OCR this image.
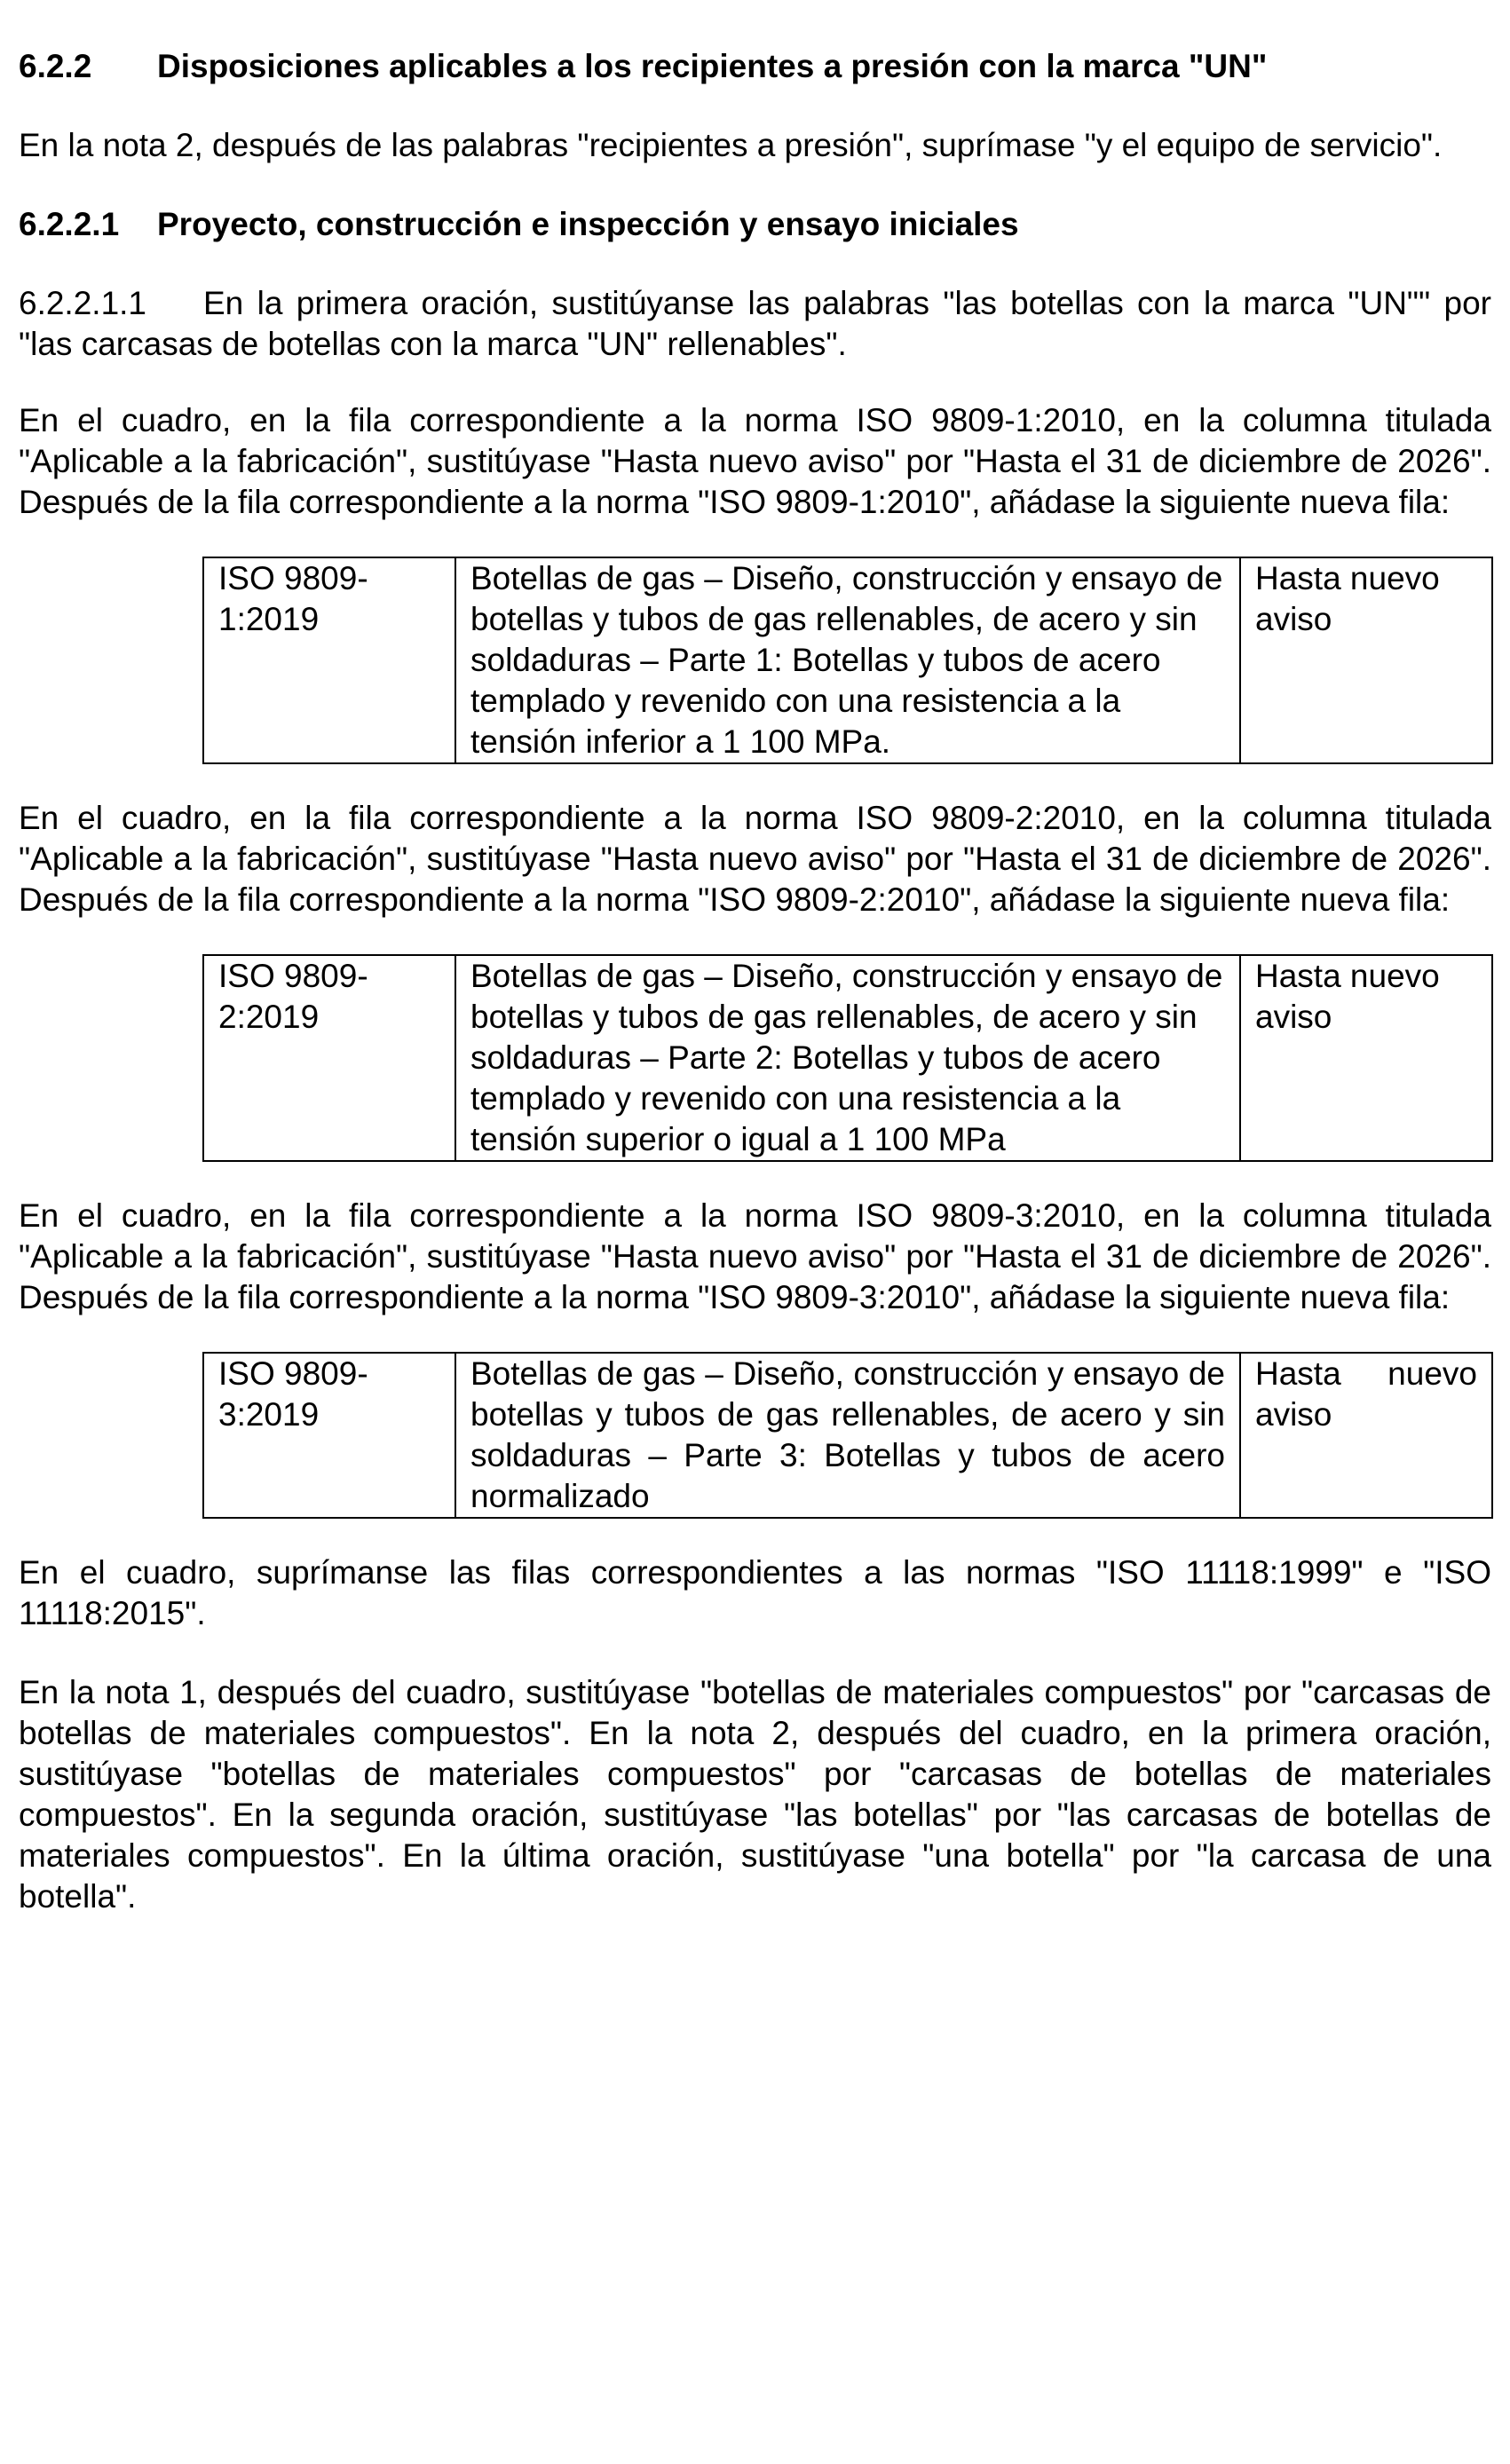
6.2.2	Disposiciones aplicables a los recipientes a presión con la marca "UN"

En la nota 2, después de las palabras "recipientes a presión", suprímase "y el equipo de servicio".

6.2.2.1	Proyecto, construcción e inspección y ensayo iniciales

6.2.2.1.1 En la primera oración, sustitúyanse las palabras "las botellas con la marca "UN"" por "las carcasas de botellas con la marca "UN" rellenables".

En el cuadro, en la fila correspondiente a la norma ISO 9809-1:2010, en la columna titulada "Aplicable a la fabricación", sustitúyase "Hasta nuevo aviso" por "Hasta el 31 de diciembre de 2026". Después de la fila correspondiente a la norma "ISO 9809-1:2010", añádase la siguiente nueva fila:

ISO 9809-1:2019	Botellas de gas – Diseño, construcción y ensayo de botellas y tubos de gas rellenables, de acero y sin soldaduras – Parte 1: Botellas y tubos de acero templado y revenido con una resistencia a la tensión inferior a 1 100 MPa.	Hasta nuevo aviso

En el cuadro, en la fila correspondiente a la norma ISO 9809-2:2010, en la columna titulada "Aplicable a la fabricación", sustitúyase "Hasta nuevo aviso" por "Hasta el 31 de diciembre de 2026". Después de la fila correspondiente a la norma "ISO 9809-2:2010", añádase la siguiente nueva fila:

ISO 9809-2:2019	Botellas de gas – Diseño, construcción y ensayo de botellas y tubos de gas rellenables, de acero y sin soldaduras – Parte 2: Botellas y tubos de acero templado y revenido con una resistencia a la tensión superior o igual a 1 100 MPa	Hasta nuevo aviso

En el cuadro, en la fila correspondiente a la norma ISO 9809-3:2010, en la columna titulada "Aplicable a la fabricación", sustitúyase "Hasta nuevo aviso" por "Hasta el 31 de diciembre de 2026". Después de la fila correspondiente a la norma "ISO 9809-3:2010", añádase la siguiente nueva fila:

ISO 9809-3:2019	Botellas de gas – Diseño, construcción y ensayo de botellas y tubos de gas rellenables, de acero y sin soldaduras – Parte 3: Botellas y tubos de acero normalizado	Hasta nuevo aviso

En el cuadro, suprímanse las filas correspondientes a las normas "ISO 11118:1999" e "ISO 11118:2015".

En la nota 1, después del cuadro, sustitúyase "botellas de materiales compuestos" por "carcasas de botellas de materiales compuestos". En la nota 2, después del cuadro, en la primera oración, sustitúyase "botellas de materiales compuestos" por "carcasas de botellas de materiales compuestos". En la segunda oración, sustitúyase "las botellas" por "las carcasas de botellas de materiales compuestos". En la última oración, sustitúyase "una botella" por "la carcasa de una botella".
